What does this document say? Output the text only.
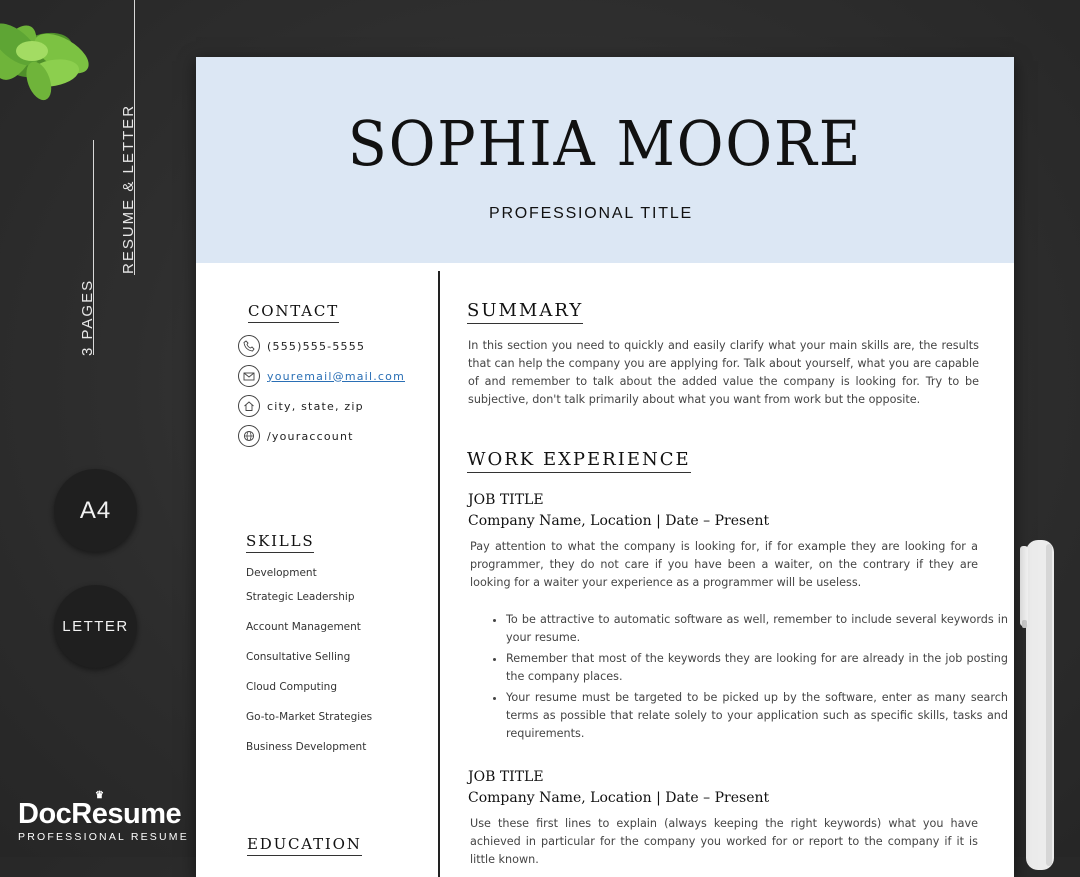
3 PAGES
RESUME & LETTER
A4
LETTER
♛
DocResume
PROFESSIONAL RESUME
SOPHIA MOORE
PROFESSIONAL TITLE
CONTACT
(555)555-5555
youremail@mail.com
city, state, zip
/youraccount
SKILLS
Development
Strategic Leadership
Account Management
Consultative Selling
Cloud Computing
Go-to-Market Strategies
Business Development
EDUCATION
SUMMARY
In this section you need to quickly and easily clarify what your main skills are, the results that can help the company you are applying for. Talk about yourself, what you are capable of and remember to talk about the added value the company is looking for. Try to be subjective, don't talk primarily about what you want from work but the opposite.
WORK EXPERIENCE
JOB TITLE
Company Name, Location | Date – Present
Pay attention to what the company is looking for, if for example they are looking for a programmer, they do not care if you have been a waiter, on the contrary if they are looking for a waiter your experience as a programmer will be useless.
• To be attractive to automatic software as well, remember to include several keywords in your resume.
• Remember that most of the keywords they are looking for are already in the job posting the company places.
• Your resume must be targeted to be picked up by the software, enter as many search terms as possible that relate solely to your application such as specific skills, tasks and requirements.
JOB TITLE
Company Name, Location | Date – Present
Use these first lines to explain (always keeping the right keywords) what you have achieved in particular for the company you worked for or report to the company if it is little known.
